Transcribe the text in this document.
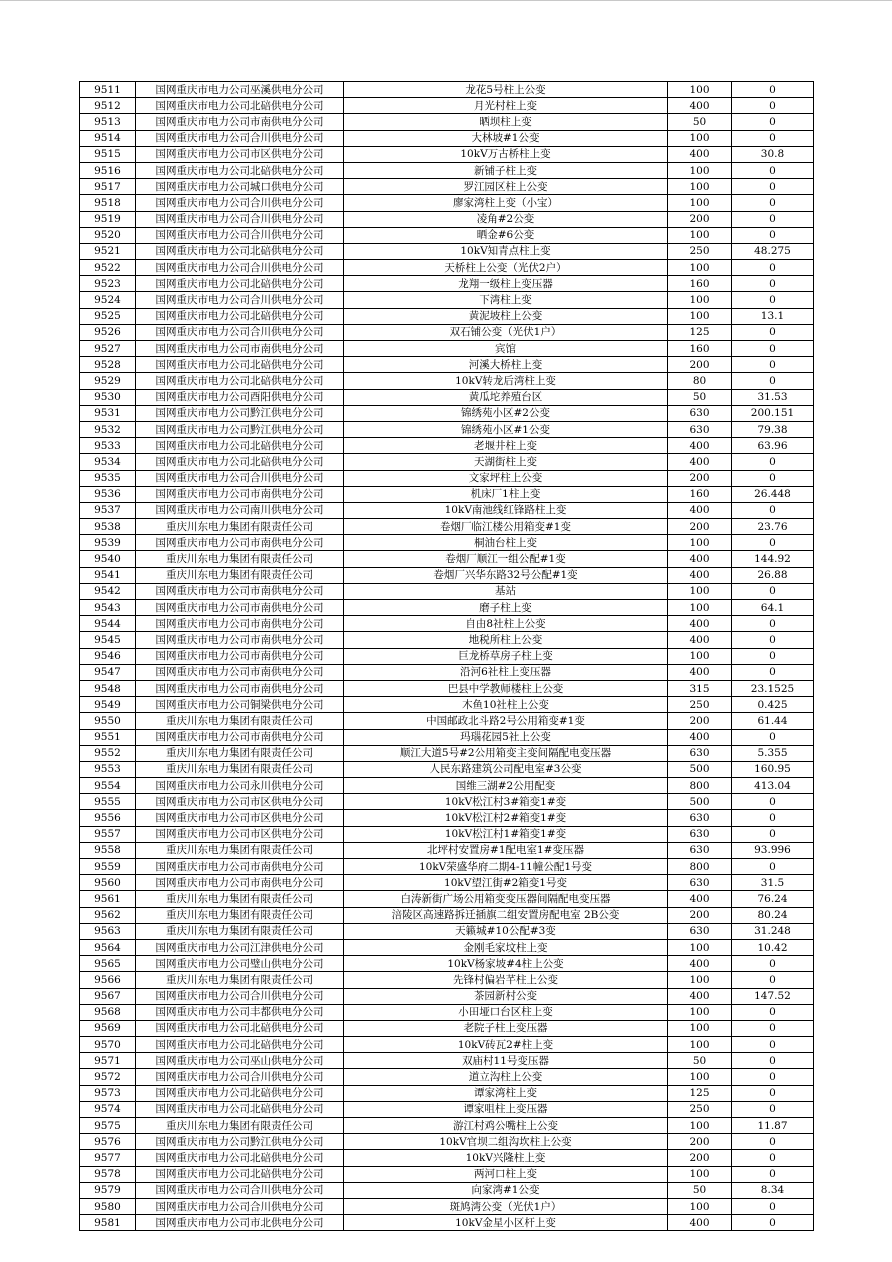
9511	国网重庆市电力公司巫溪供电分公司	龙花5号柱上公变	100	0
9512	国网重庆市电力公司北碚供电分公司	月光村柱上变	400	0
9513	国网重庆市电力公司市南供电分公司	晒坝柱上变	50	0
9514	国网重庆市电力公司合川供电分公司	大林坡#1公变	100	0
9515	国网重庆市电力公司市区供电分公司	10kV万古桥柱上变	400	30.8
9516	国网重庆市电力公司北碚供电分公司	新铺子柱上变	100	0
9517	国网重庆市电力公司城口供电分公司	罗江园区柱上公变	100	0
9518	国网重庆市电力公司合川供电分公司	廖家湾柱上变（小宝）	100	0
9519	国网重庆市电力公司合川供电分公司	凌角#2公变	200	0
9520	国网重庆市电力公司合川供电分公司	晒金#6公变	100	0
9521	国网重庆市电力公司北碚供电分公司	10kV知青点柱上变	250	48.275
9522	国网重庆市电力公司合川供电分公司	天桥柱上公变（光伏2户）	100	0
9523	国网重庆市电力公司北碚供电分公司	龙翔一级柱上变压器	160	0
9524	国网重庆市电力公司合川供电分公司	下湾柱上变	100	0
9525	国网重庆市电力公司北碚供电分公司	黄泥坡柱上公变	100	13.1
9526	国网重庆市电力公司合川供电分公司	双石铺公变（光伏1户）	125	0
9527	国网重庆市电力公司市南供电分公司	宾馆	160	0
9528	国网重庆市电力公司北碚供电分公司	河溪大桥柱上变	200	0
9529	国网重庆市电力公司北碚供电分公司	10kV转龙后湾柱上变	80	0
9530	国网重庆市电力公司酉阳供电分公司	黄瓜坨养殖台区	50	31.53
9531	国网重庆市电力公司黔江供电分公司	锦绣苑小区#2公变	630	200.151
9532	国网重庆市电力公司黔江供电分公司	锦绣苑小区#1公变	630	79.38
9533	国网重庆市电力公司北碚供电分公司	老堰井柱上变	400	63.96
9534	国网重庆市电力公司北碚供电分公司	天湖街柱上变	400	0
9535	国网重庆市电力公司合川供电分公司	文家坪柱上公变	200	0
9536	国网重庆市电力公司市南供电分公司	机床厂1柱上变	160	26.448
9537	国网重庆市电力公司南川供电分公司	10kV南池线红锋路柱上变	400	0
9538	重庆川东电力集团有限责任公司	卷烟厂临江楼公用箱变#1变	200	23.76
9539	国网重庆市电力公司市南供电分公司	桐油台柱上变	100	0
9540	重庆川东电力集团有限责任公司	卷烟厂顺江一组公配#1变	400	144.92
9541	重庆川东电力集团有限责任公司	卷烟厂兴华东路32号公配#1变	400	26.88
9542	国网重庆市电力公司市南供电分公司	基站	100	0
9543	国网重庆市电力公司市南供电分公司	磨子柱上变	100	64.1
9544	国网重庆市电力公司市南供电分公司	自由8社柱上公变	400	0
9545	国网重庆市电力公司市南供电分公司	地税所柱上公变	400	0
9546	国网重庆市电力公司市南供电分公司	巨龙桥草房子柱上变	100	0
9547	国网重庆市电力公司市南供电分公司	沿河6社柱上变压器	400	0
9548	国网重庆市电力公司市南供电分公司	巴县中学教师楼柱上公变	315	23.1525
9549	国网重庆市电力公司铜梁供电分公司	木鱼10社柱上公变	250	0.425
9550	重庆川东电力集团有限责任公司	中国邮政北斗路2号公用箱变#1变	200	61.44
9551	国网重庆市电力公司市南供电分公司	玛瑙花园5社上公变	400	0
9552	重庆川东电力集团有限责任公司	顺江大道5号#2公用箱变主变间隔配电变压器	630	5.355
9553	重庆川东电力集团有限责任公司	人民东路建筑公司配电室#3公变	500	160.95
9554	国网重庆市电力公司永川供电分公司	国维三湖#2公用配变	800	413.04
9555	国网重庆市电力公司市区供电分公司	10kV松江村3#箱变1#变	500	0
9556	国网重庆市电力公司市区供电分公司	10kV松江村2#箱变1#变	630	0
9557	国网重庆市电力公司市区供电分公司	10kV松江村1#箱变1#变	630	0
9558	重庆川东电力集团有限责任公司	北坪村安置房#1配电室1#变压器	630	93.996
9559	国网重庆市电力公司市南供电分公司	10kV荣盛华府二期4-11幢公配1号变	800	0
9560	国网重庆市电力公司市南供电分公司	10kV望江街#2箱变1号变	630	31.5
9561	重庆川东电力集团有限责任公司	白涛新街广场公用箱变变压器间隔配电变压器	400	76.24
9562	重庆川东电力集团有限责任公司	涪陵区高速路拆迁插旗二组安置房配电室 2B公变	200	80.24
9563	重庆川东电力集团有限责任公司	天籁城#10公配#3变	630	31.248
9564	国网重庆市电力公司江津供电分公司	金刚毛家坟柱上变	100	10.42
9565	国网重庆市电力公司璧山供电分公司	10kV杨家坡#4柱上公变	400	0
9566	重庆川东电力集团有限责任公司	先锋村偏岩芊柱上公变	100	0
9567	国网重庆市电力公司合川供电分公司	茶园新村公变	400	147.52
9568	国网重庆市电力公司丰都供电分公司	小田垭口台区柱上变	100	0
9569	国网重庆市电力公司北碚供电分公司	老院子柱上变压器	100	0
9570	国网重庆市电力公司北碚供电分公司	10kV砖瓦2#柱上变	100	0
9571	国网重庆市电力公司巫山供电分公司	双庙村11号变压器	50	0
9572	国网重庆市电力公司合川供电分公司	道立沟柱上公变	100	0
9573	国网重庆市电力公司北碚供电分公司	谭家湾柱上变	125	0
9574	国网重庆市电力公司北碚供电分公司	谭家咀柱上变压器	250	0
9575	重庆川东电力集团有限责任公司	游江村鸡公嘴柱上公变	100	11.87
9576	国网重庆市电力公司黔江供电分公司	10kV官坝二组沟坎柱上公变	200	0
9577	国网重庆市电力公司北碚供电分公司	10kV兴隆柱上变	200	0
9578	国网重庆市电力公司北碚供电分公司	两河口柱上变	100	0
9579	国网重庆市电力公司合川供电分公司	向家湾#1公变	50	8.34
9580	国网重庆市电力公司合川供电分公司	斑鸠湾公变（光伏1户）	100	0
9581	国网重庆市电力公司市北供电分公司	10kV金星小区杆上变	400	0
